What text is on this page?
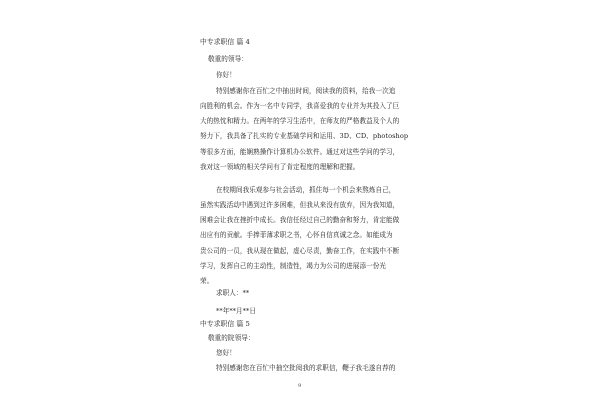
中专求职信 篇 4
敬重的领导：
你好！
特别感谢你在百忙之中抽出时间，阅读我的资料，给我一次追
向胜利的机会。作为一名中专同学，我喜爱我的专业并为其投入了巨
大的热忱和精力。在两年的学习生活中，在师友的严格教益及个人的
努力下，我具备了扎实的专业基础学问和运用、3D、CD、photoshop
等很多方面，能娴熟操作计算机办公软件。通过对这些学问的学习，
我对这一领域的相关学问有了肯定程度的理解和把握。
在校期间我乐观参与社会活动，抓住每一个机会来熬炼自己，
虽然实践活动中遇到过许多困难，但我从来没有放弃，因为我知道，
困难会让我在挫折中成长。我信任经过自己的勤奋和努力，肯定能做
出应有的贡献。手捧菲薄求职之书，心怀自信真诚之念。如能成为
贵公司的一员，我从现在做起，虚心尽责，勤奋工作，在实践中不断
学习，发挥自己的主动性，制造性，竭力为公司的进展添一份光
荣。
求职人：**
**年**月**日
中专求职信 篇 5
敬重的院领导：
您好！
特别感谢您在百忙中抽空批阅我的求职信，鞭子我毛遂自荐的
9
